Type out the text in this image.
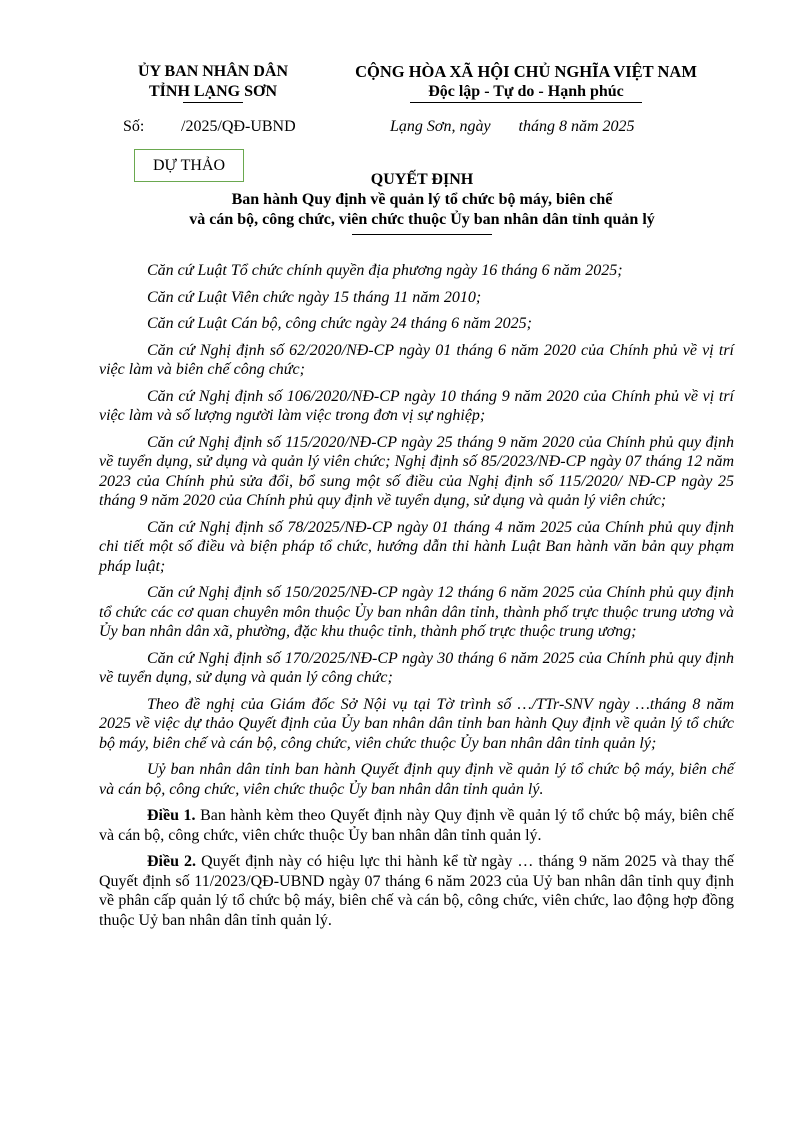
ỦY BAN NHÂN DÂN
TỈNH LẠNG SƠN
CỘNG HÒA XÃ HỘI CHỦ NGHĨA VIỆT NAM
Độc lập - Tự do - Hạnh phúc
Số: /2025/QĐ-UBND	Lạng Sơn, ngày tháng 8 năm 2025
DỰ THẢO
QUYẾT ĐỊNH
Ban hành Quy định về quản lý tổ chức bộ máy, biên chế
và cán bộ, công chức, viên chức thuộc Ủy ban nhân dân tỉnh quản lý

Căn cứ Luật Tổ chức chính quyền địa phương ngày 16 tháng 6 năm 2025;

Căn cứ Luật Viên chức ngày 15 tháng 11 năm 2010;

Căn cứ Luật Cán bộ, công chức ngày 24 tháng 6 năm 2025;

Căn cứ Nghị định số 62/2020/NĐ-CP ngày 01 tháng 6 năm 2020 của Chính phủ về vị trí việc làm và biên chế công chức;

Căn cứ Nghị định số 106/2020/NĐ-CP ngày 10 tháng 9 năm 2020 của Chính phủ về vị trí việc làm và số lượng người làm việc trong đơn vị sự nghiệp;

Căn cứ Nghị định số 115/2020/NĐ-CP ngày 25 tháng 9 năm 2020 của Chính phủ quy định về tuyển dụng, sử dụng và quản lý viên chức; Nghị định số 85/2023/NĐ-CP ngày 07 tháng 12 năm 2023 của Chính phủ sửa đổi, bổ sung một số điều của Nghị định số 115/2020/ NĐ-CP ngày 25 tháng 9 năm 2020 của Chính phủ quy định về tuyển dụng, sử dụng và quản lý viên chức;

Căn cứ Nghị định số 78/2025/NĐ-CP ngày 01 tháng 4 năm 2025 của Chính phủ quy định chi tiết một số điều và biện pháp tổ chức, hướng dẫn thi hành Luật Ban hành văn bản quy phạm pháp luật;

Căn cứ Nghị định số 150/2025/NĐ-CP ngày 12 tháng 6 năm 2025 của Chính phủ quy định tổ chức các cơ quan chuyên môn thuộc Ủy ban nhân dân tỉnh, thành phố trực thuộc trung ương và Ủy ban nhân dân xã, phường, đặc khu thuộc tỉnh, thành phố trực thuộc trung ương;

Căn cứ Nghị định số 170/2025/NĐ-CP ngày 30 tháng 6 năm 2025 của Chính phủ quy định về tuyển dụng, sử dụng và quản lý công chức;

Theo đề nghị của Giám đốc Sở Nội vụ tại Tờ trình số …/TTr-SNV ngày …tháng 8 năm 2025 về việc dự thảo Quyết định của Ủy ban nhân dân tỉnh ban hành Quy định về quản lý tổ chức bộ máy, biên chế và cán bộ, công chức, viên chức thuộc Ủy ban nhân dân tỉnh quản lý;

Uỷ ban nhân dân tỉnh ban hành Quyết định quy định về quản lý tổ chức bộ máy, biên chế và cán bộ, công chức, viên chức thuộc Ủy ban nhân dân tỉnh quản lý.

Điều 1. Ban hành kèm theo Quyết định này Quy định về quản lý tổ chức bộ máy, biên chế và cán bộ, công chức, viên chức thuộc Ủy ban nhân dân tỉnh quản lý.

Điều 2. Quyết định này có hiệu lực thi hành kể từ ngày … tháng 9 năm 2025 và thay thế Quyết định số 11/2023/QĐ-UBND ngày 07 tháng 6 năm 2023 của Uỷ ban nhân dân tỉnh quy định về phân cấp quản lý tổ chức bộ máy, biên chế và cán bộ, công chức, viên chức, lao động hợp đồng thuộc Uỷ ban nhân dân tỉnh quản lý.
